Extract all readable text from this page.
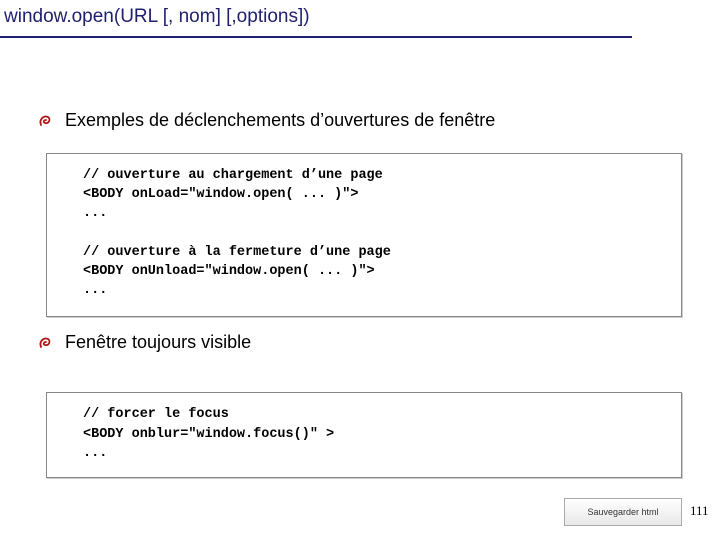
window.open(URL [, nom] [,options])
Exemples de déclenchements d’ouvertures de fenêtre
// ouverture au chargement d’une page
<BODY onLoad="window.open( ... )">
...
// ouverture à la fermeture d’une page
<BODY onUnload="window.open( ... )">
...
Fenêtre toujours visible
// forcer le focus
<BODY onblur="window.focus()" >
...
Sauvegarder html	111
